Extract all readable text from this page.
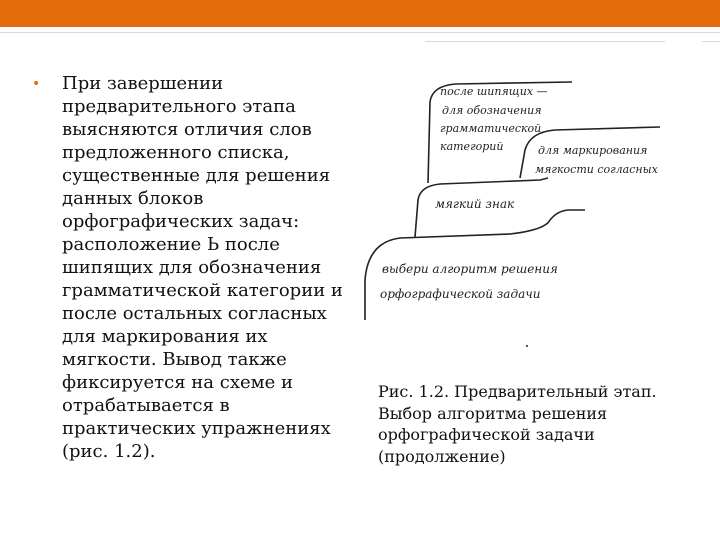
• При завершении предварительного этапа выясняются отличия слов предложенного списка, существенные для решения данных блоков орфографических задач: расположение Ь после шипящих для обозначения грамматической категории и после остальных согласных для маркирования их мягкости. Вывод также фиксируется на схеме и отрабатывается в практических упражнениях (рис. 1.2).

после шипящих —
для обозначения
грамматической
категорий	для маркирования
мягкости согласных
мягкий знак
выбери алгоритм решения
орфографической задачи

Рис. 1.2. Предварительный этап. Выбор алгоритма решения орфографической задачи (продолжение)
